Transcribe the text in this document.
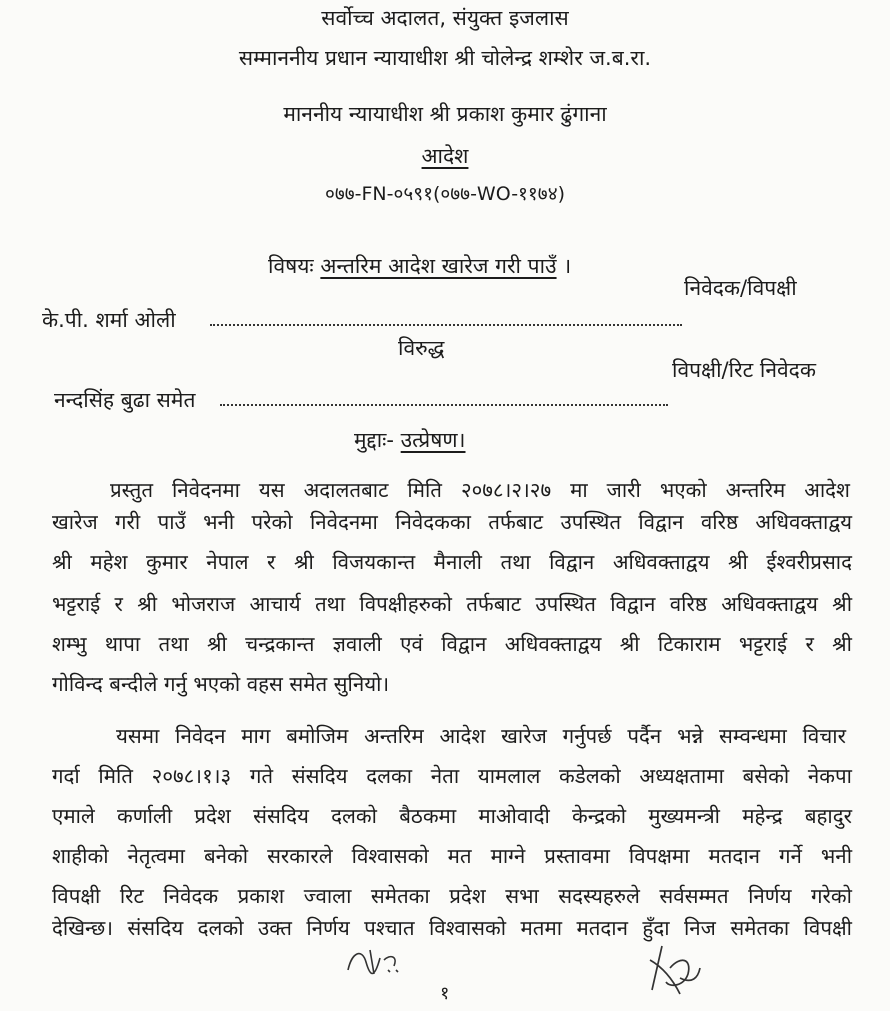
सर्वोच्च अदालत, संयुक्त इजलास
सम्माननीय प्रधान न्यायाधीश श्री चोलेन्द्र शम्शेर ज.ब.रा.
माननीय न्यायाधीश श्री प्रकाश कुमार ढुंगाना
आदेश
०७७-FN-०५९१(०७७-WO-११७४)
विषयः अन्तरिम आदेश खारेज गरी पाउँ ।
निवेदक/विपक्षी
के.पी. शर्मा ओली
विरुद्ध
विपक्षी/रिट निवेदक
नन्दसिंह बुढा समेत
मुद्दाः- उत्प्रेषण।
प्रस्तुत निवेदनमा यस अदालतबाट मिति २०७८।२।२७ मा जारी भएको अन्तरिम आदेश
खारेज गरी पाउँ भनी परेको निवेदनमा निवेदकका तर्फबाट उपस्थित विद्वान वरिष्ठ अधिवक्ताद्वय
श्री महेश कुमार नेपाल र श्री विजयकान्त मैनाली तथा विद्वान अधिवक्ताद्वय श्री ईश्वरीप्रसाद
भट्टराई र श्री भोजराज आचार्य तथा विपक्षीहरुको तर्फबाट उपस्थित विद्वान वरिष्ठ अधिवक्ताद्वय श्री
शम्भु थापा तथा श्री चन्द्रकान्त ज्ञवाली एवं विद्वान अधिवक्ताद्वय श्री टिकाराम भट्टराई र श्री
गोविन्द बन्दीले गर्नु भएको वहस समेत सुनियो।
यसमा निवेदन माग बमोजिम अन्तरिम आदेश खारेज गर्नुपर्छ पर्दैन भन्ने सम्वन्धमा विचार
गर्दा मिति २०७८।१।३ गते संसदिय दलका नेता यामलाल कडेलको अध्यक्षतामा बसेको नेकपा
एमाले कर्णाली प्रदेश संसदिय दलको बैठकमा माओवादी केन्द्रको मुख्यमन्त्री महेन्द्र बहादुर
शाहीको नेतृत्वमा बनेको सरकारले विश्वासको मत माग्ने प्रस्तावमा विपक्षमा मतदान गर्ने भनी
विपक्षी रिट निवेदक प्रकाश ज्वाला समेतका प्रदेश सभा सदस्यहरुले सर्वसम्मत निर्णय गरेको
देखिन्छ। संसदिय दलको उक्त निर्णय पश्चात विश्वासको मतमा मतदान हुँदा निज समेतका विपक्षी
१
